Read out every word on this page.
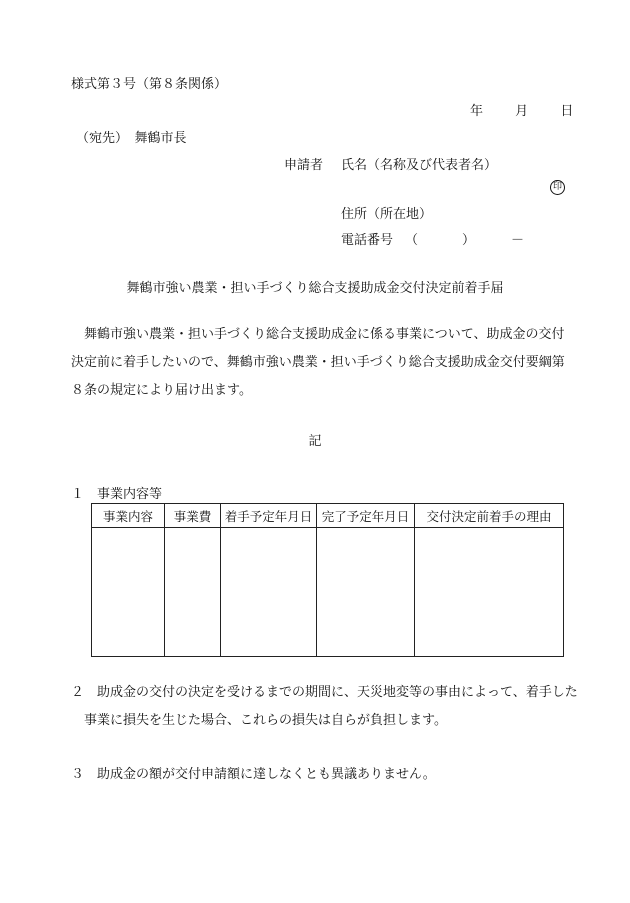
様式第３号（第８条関係）
年 月 日
（宛先）　舞鶴市長
申請者 氏名（名称及び代表者名）
印
住所（所在地）
電話番号 （	）	－
舞鶴市強い農業・担い手づくり総合支援助成金交付決定前着手届
舞鶴市強い農業・担い手づくり総合支援助成金に係る事業について、助成金の交付決定前に着手したいので、舞鶴市強い農業・担い手づくり総合支援助成金交付要綱第８条の規定により届け出ます。
記
１　事業内容等
事業内容	事業費	着手予定年月日	完了予定年月日	交付決定前着手の理由

２　助成金の交付の決定を受けるまでの期間に、天災地変等の事由によって、着手した事業に損失を生じた場合、これらの損失は自らが負担します。
３　助成金の額が交付申請額に達しなくとも異議ありません。
